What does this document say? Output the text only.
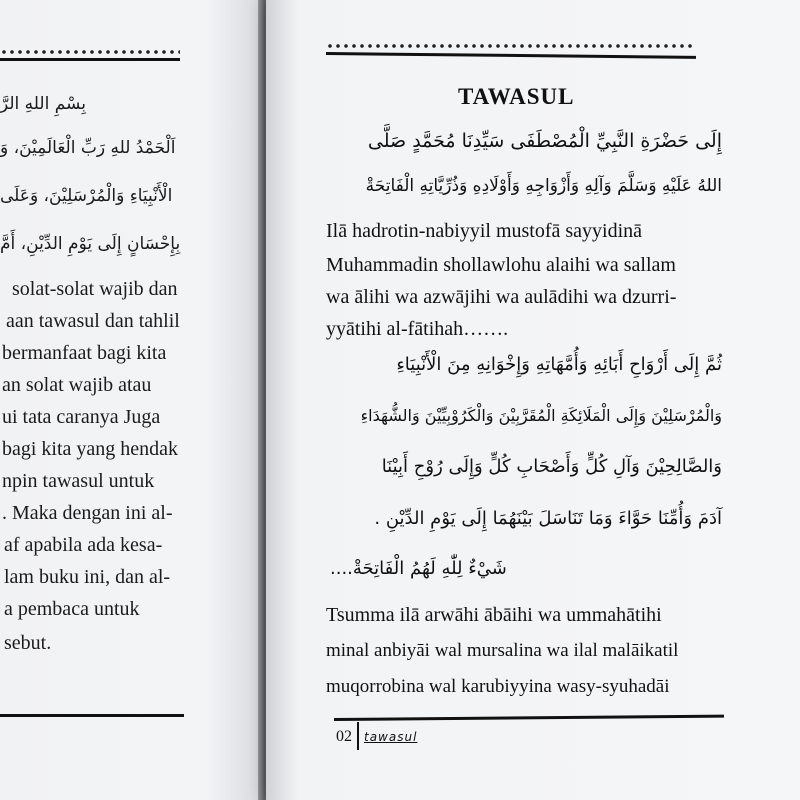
بِسْمِ اللهِ الرَّ
اَلْحَمْدُ للهِ رَبِّ الْعَالَمِيْنَ، وَ
الْأَنْبِيَاءِ وَالْمُرْسَلِيْنَ، وَعَلَى
بِإِحْسَانٍ إِلَى يَوْمِ الدِّيْنِ، أَمَّ
solat-solat wajib dan
aan tawasul dan tahlil
bermanfaat bagi kita
an solat wajib atau
ui tata caranya Juga
bagi kita yang hendak
npin tawasul untuk
. Maka dengan ini al-
af apabila ada kesa-
lam buku ini, dan al-
a pembaca untuk
sebut.
TAWASUL
إِلَى حَضْرَةِ النَّبِيِّ الْمُصْطَفَى سَيِّدِنَا مُحَمَّدٍ صَلَّى
اللهُ عَلَيْهِ وَسَلَّمَ وَآلِهِ وَأَزْوَاجِهِ وَأَوْلَادِهِ وَذُرِّيَّاتِهِ الْفَاتِحَةْ
Ilā hadrotin-nabiyyil mustofā sayyidinā
Muhammadin shollawlohu alaihi wa sallam
wa ālihi wa azwājihi wa aulādihi wa dzurri-
yyātihi al-fātihah…….
ثُمَّ إِلَى أَرْوَاحِ أَبَائِهِ وَأُمَّهَاتِهِ وَإِخْوَانِهِ مِنَ الْأَنْبِيَاءِ
وَالْمُرْسَلِيْنَ وَإِلَى الْمَلَائِكَةِ الْمُقَرَّبِيْنَ وَالْكَرُوْبِيِّيْنَ وَالشُّهَدَاءِ
وَالصَّالِحِيْنَ وَآلِ كُلٍّ وَأَصْحَابِ كُلٍّ وَإِلَى رُوْحِ أَبِيْنَا
آدَمَ وَأُمِّنَا حَوَّاءَ وَمَا تَنَاسَلَ بَيْنَهُمَا إِلَى يَوْمِ الدِّيْنِ .
شَيْءٌ لِلّٰهِ لَهُمُ الْفَاتِحَةْ....
Tsumma ilā arwāhi ābāihi wa ummahātihi
minal anbiyāi wal mursalina wa ilal malāikatil
muqorrobina wal karubiyyina wasy-syuhadāi
02 tawasul
